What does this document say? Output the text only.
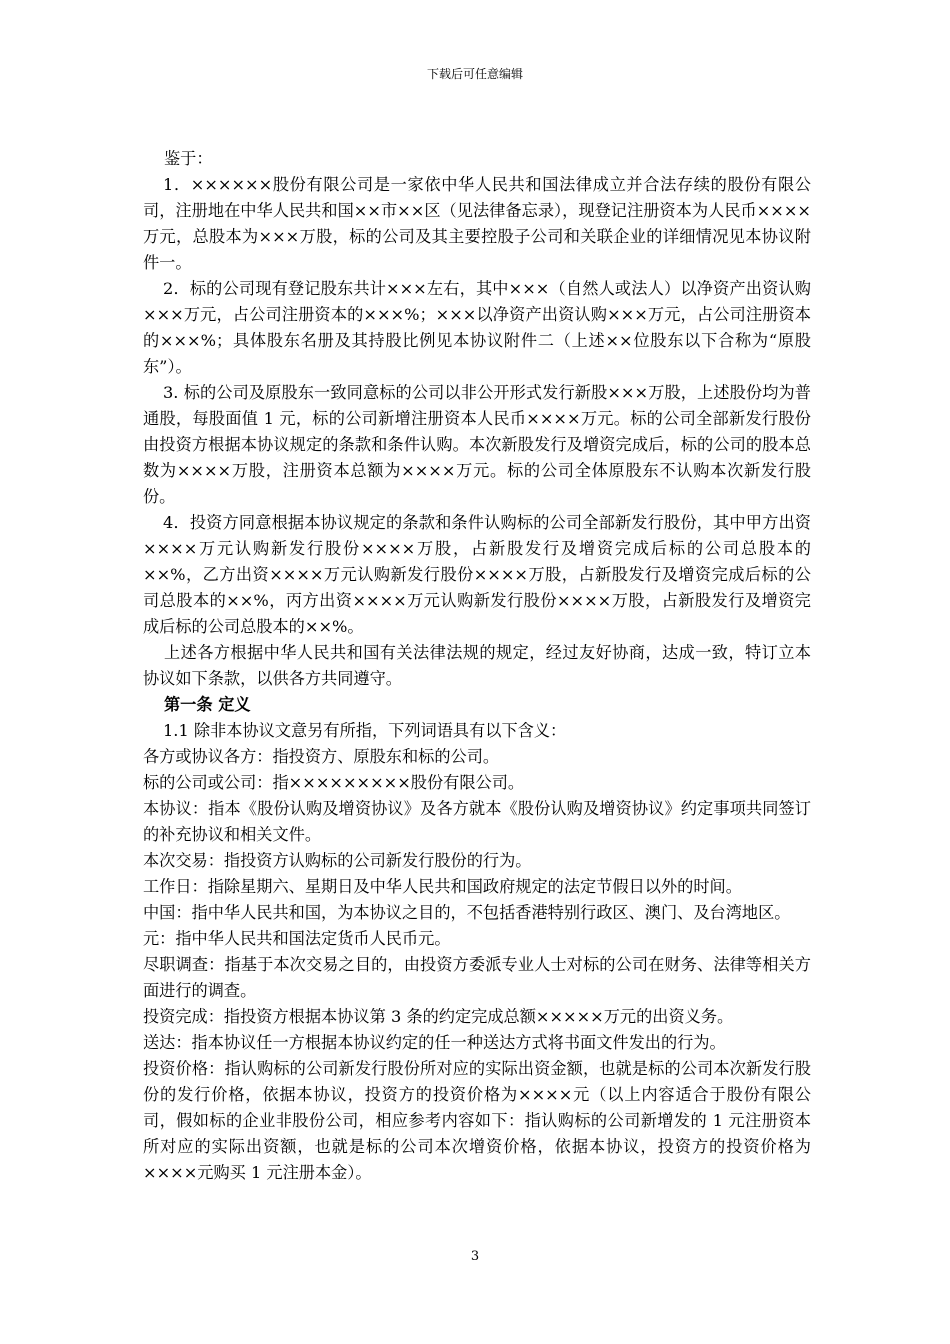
下载后可任意编辑

鉴于：

1．××××××股份有限公司是一家依中华人民共和国法律成立并合法存续的股份有限公司，注册地在中华人民共和国××市××区（见法律备忘录），现登记注册资本为人民币××××万元，总股本为×××万股，标的公司及其主要控股子公司和关联企业的详细情况见本协议附件一。

2．标的公司现有登记股东共计×××左右，其中×××（自然人或法人）以净资产出资认购×××万元，占公司注册资本的×××%；×××以净资产出资认购×××万元，占公司注册资本的×××%；具体股东名册及其持股比例见本协议附件二（上述××位股东以下合称为“原股东”）。

3. 标的公司及原股东一致同意标的公司以非公开形式发行新股×××万股，上述股份均为普通股，每股面值 1 元，标的公司新增注册资本人民币××××万元。标的公司全部新发行股份由投资方根据本协议规定的条款和条件认购。本次新股发行及增资完成后，标的公司的股本总数为××××万股，注册资本总额为××××万元。标的公司全体原股东不认购本次新发行股份。

4．投资方同意根据本协议规定的条款和条件认购标的公司全部新发行股份，其中甲方出资××××万元认购新发行股份××××万股，占新股发行及增资完成后标的公司总股本的××%，乙方出资××××万元认购新发行股份××××万股，占新股发行及增资完成后标的公司总股本的××%，丙方出资××××万元认购新发行股份××××万股，占新股发行及增资完成后标的公司总股本的××%。

上述各方根据中华人民共和国有关法律法规的规定，经过友好协商，达成一致，特订立本协议如下条款，以供各方共同遵守。

第一条 定义

1.1 除非本协议文意另有所指，下列词语具有以下含义：

各方或协议各方：指投资方、原股东和标的公司。

标的公司或公司：指×××××××××股份有限公司。

本协议：指本《股份认购及增资协议》及各方就本《股份认购及增资协议》约定事项共同签订的补充协议和相关文件。

本次交易：指投资方认购标的公司新发行股份的行为。

工作日：指除星期六、星期日及中华人民共和国政府规定的法定节假日以外的时间。

中国：指中华人民共和国，为本协议之目的，不包括香港特别行政区、澳门、及台湾地区。

元：指中华人民共和国法定货币人民币元。

尽职调查：指基于本次交易之目的，由投资方委派专业人士对标的公司在财务、法律等相关方面进行的调查。

投资完成：指投资方根据本协议第 3 条的约定完成总额×××××万元的出资义务。

送达：指本协议任一方根据本协议约定的任一种送达方式将书面文件发出的行为。

投资价格：指认购标的公司新发行股份所对应的实际出资金额，也就是标的公司本次新发行股份的发行价格，依据本协议，投资方的投资价格为××××元（以上内容适合于股份有限公司，假如标的企业非股份公司，相应参考内容如下：指认购标的公司新增发的 1 元注册资本所对应的实际出资额，也就是标的公司本次增资价格，依据本协议，投资方的投资价格为××××元购买 1 元注册本金）。

3
